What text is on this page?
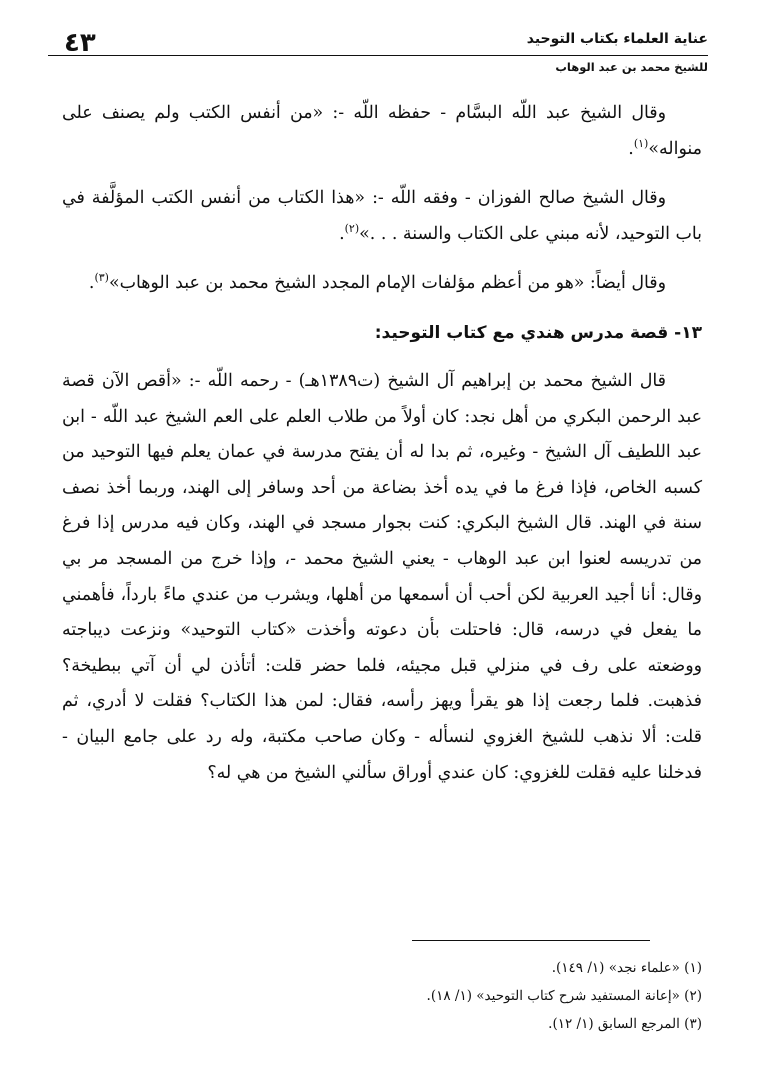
٤٣	عناية العلماء بكتاب التوحيد
للشيخ محمد بن عبد الوهاب

وقال الشيخ عبد اللّه البسَّام - حفظه اللّه -: «من أنفس الكتب ولم يصنف على منواله»$^{(١)}$.

وقال الشيخ صالح الفوزان - وفقه اللّه -: «هذا الكتاب من أنفس الكتب المؤلَّفة في باب التوحيد، لأنه مبني على الكتاب والسنة . . .»$^{(٢)}$.

وقال أيضاً: «هو من أعظم مؤلفات الإمام المجدد الشيخ محمد بن عبد الوهاب»$^{(٣)}$.

١٣- قصة مدرس هندي مع كتاب التوحيد:

قال الشيخ محمد بن إبراهيم آل الشيخ (ت١٣٨٩هـ) - رحمه اللّه -: «أقص الآن قصة عبد الرحمن البكري من أهل نجد: كان أولاً من طلاب العلم على العم الشيخ عبد اللّه - ابن عبد اللطيف آل الشيخ - وغيره، ثم بدا له أن يفتح مدرسة في عمان يعلم فيها التوحيد من كسبه الخاص، فإذا فرغ ما في يده أخذ بضاعة من أحد وسافر إلى الهند، وربما أخذ نصف سنة في الهند. قال الشيخ البكري: كنت بجوار مسجد في الهند، وكان فيه مدرس إذا فرغ من تدريسه لعنوا ابن عبد الوهاب - يعني الشيخ محمد -، وإذا خرج من المسجد مر بي وقال: أنا أجيد العربية لكن أحب أن أسمعها من أهلها، ويشرب من عندي ماءً بارداً، فأهمني ما يفعل في درسه، قال: فاحتلت بأن دعوته وأخذت «كتاب التوحيد» ونزعت ديباجته ووضعته على رف في منزلي قبل مجيئه، فلما حضر قلت: أتأذن لي أن آتي ببطيخة؟ فذهبت. فلما رجعت إذا هو يقرأ ويهز رأسه، فقال: لمن هذا الكتاب؟ فقلت لا أدري، ثم قلت: ألا نذهب للشيخ الغزوي لنسأله - وكان صاحب مكتبة، وله رد على جامع البيان - فدخلنا عليه فقلت للغزوي: كان عندي أوراق سألني الشيخ من هي له؟

(١) «علماء نجد» (١/ ١٤٩).

(٢) «إعانة المستفيد شرح كتاب التوحيد» (١/ ١٨).

(٣) المرجع السابق (١/ ١٢).
